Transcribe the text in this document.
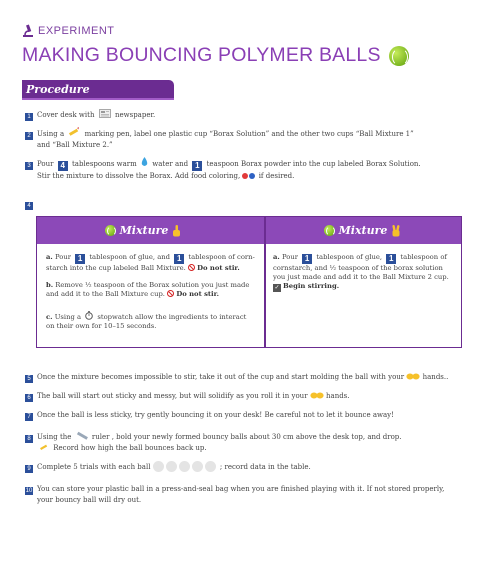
EXPERIMENT
MAKING BOUNCING POLYMER BALLS
Procedure
1 Cover desk with	newspaper.
2 Using a	marking pen, label one plastic cup “Borax Solution” and the other two cups “Ball Mixture 1”
and “Ball Mixture 2.”
3 Pour 4 tablespoons warm water and 1 teaspoon Borax powder into the cup labeled Borax Solution.
Stir the mixture to dissolve the Borax. Add food coloring,	if desired.
4
Mixture	Mixture
a. Pour 1 tablespoon of glue, and 1 tablespoon of corn-
starch into the cup labeled Ball Mixture. Do not stir.
b. Remove ½ teaspoon of the Borax solution you just made
and add it to the Ball Mixture cup. Do not stir.
c. Using a stopwatch allow the ingredients to interact
on their own for 10–15 seconds.
a. Pour 1 tablespoon of glue, 1 tablespoon of
cornstarch, and ½ teaspoon of the borax solution
you just made and add it to the Ball Mixture 2 cup.
✓ Begin stirring.
5 Once the mixture becomes impossible to stir, take it out of the cup and start molding the ball with your	hands..
6 The ball will start out sticky and messy, but will solidify as you roll it in your	hands.
7 Once the ball is less sticky, try gently bouncing it on your desk! Be careful not to let it bounce away!
8 Using the	ruler , bold your newly formed bouncy balls about 30 cm above the desk top, and drop.
Record how high the ball bounces back up.
9 Complete 5 trials with each ball	; record data in the table.
10 You can store your plastic ball in a press-and-seal bag when you are finished playing with it. If not stored properly,
your bouncy ball will dry out.
